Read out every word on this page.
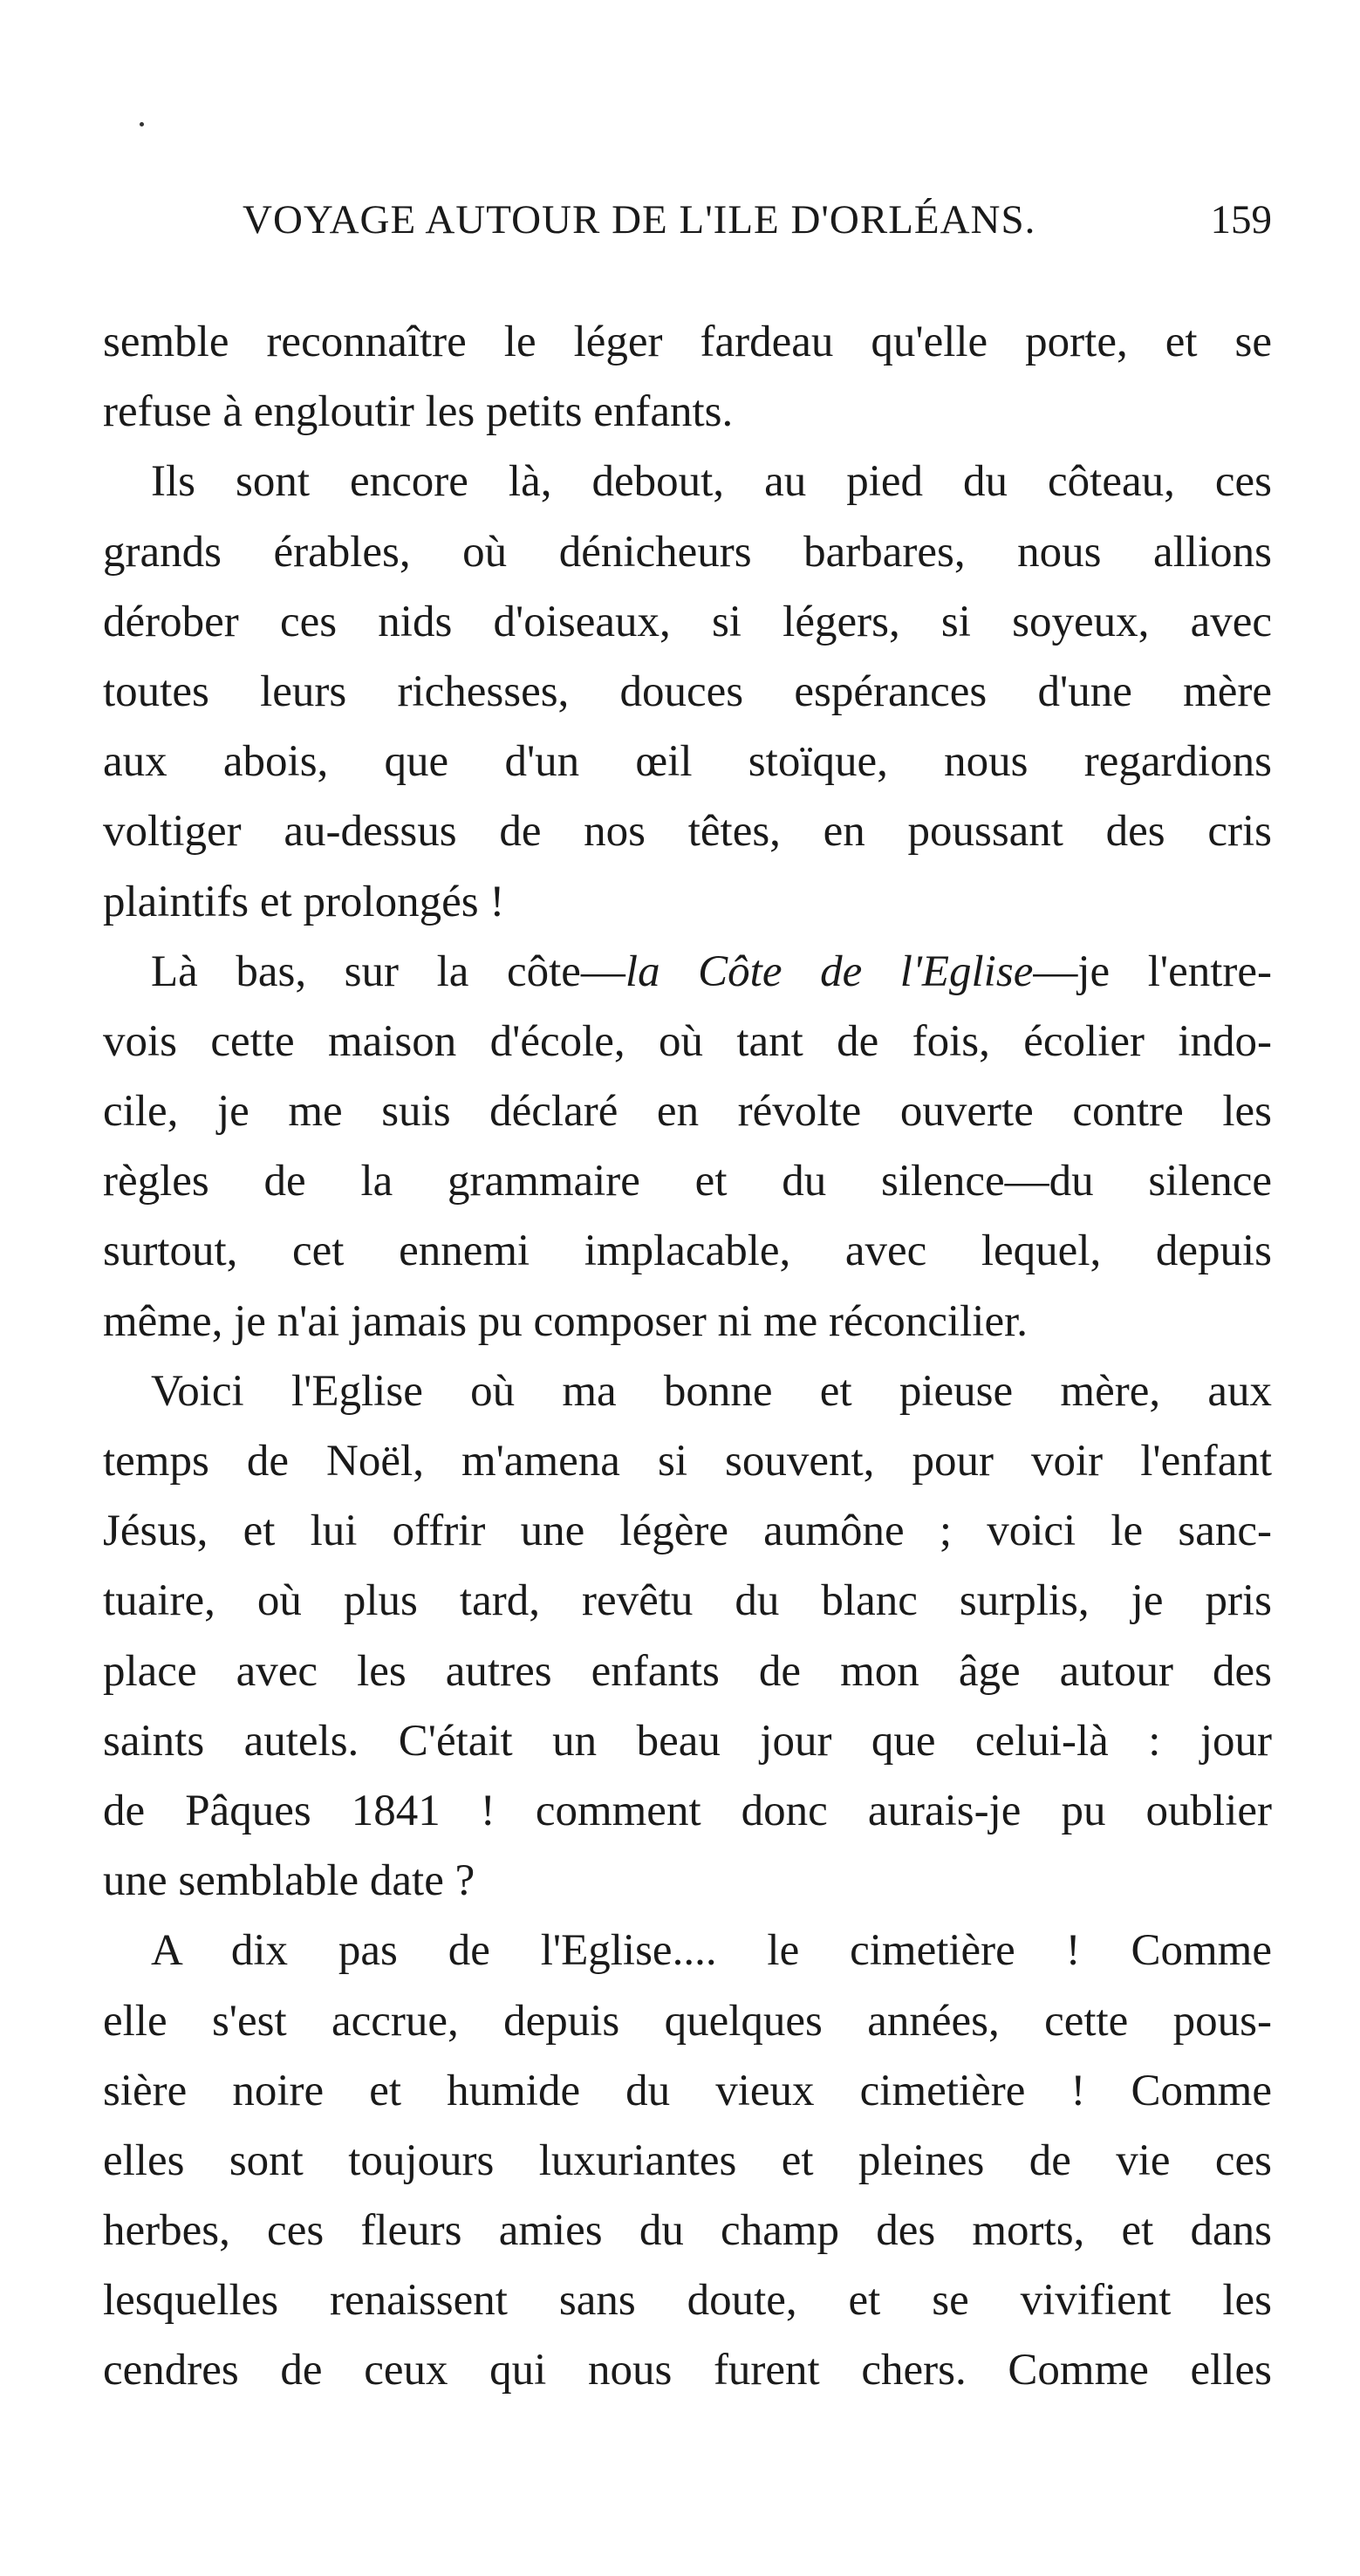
VOYAGE AUTOUR DE L'ILE D'ORLÉANS.	159
semble reconnaître le léger fardeau qu'elle porte, et se
refuse à engloutir les petits enfants.
Ils sont encore là, debout, au pied du côteau, ces
grands érables, où dénicheurs barbares, nous allions
dérober ces nids d'oiseaux, si légers, si soyeux, avec
toutes leurs richesses, douces espérances d'une mère
aux abois, que d'un œil stoïque, nous regardions
voltiger au-dessus de nos têtes, en poussant des cris
plaintifs et prolongés !
Là bas, sur la côte—la Côte de l'Eglise—je l'entre-
vois cette maison d'école, où tant de fois, écolier indo-
cile, je me suis déclaré en révolte ouverte contre les
règles de la grammaire et du silence—du silence
surtout, cet ennemi implacable, avec lequel, depuis
même, je n'ai jamais pu composer ni me réconcilier.
Voici l'Eglise où ma bonne et pieuse mère, aux
temps de Noël, m'amena si souvent, pour voir l'enfant
Jésus, et lui offrir une légère aumône ; voici le sanc-
tuaire, où plus tard, revêtu du blanc surplis, je pris
place avec les autres enfants de mon âge autour des
saints autels. C'était un beau jour que celui-là : jour
de Pâques 1841 ! comment donc aurais-je pu oublier
une semblable date ?
A dix pas de l'Eglise.... le cimetière ! Comme
elle s'est accrue, depuis quelques années, cette pous-
sière noire et humide du vieux cimetière ! Comme
elles sont toujours luxuriantes et pleines de vie ces
herbes, ces fleurs amies du champ des morts, et dans
lesquelles renaissent sans doute, et se vivifient les
cendres de ceux qui nous furent chers. Comme elles
